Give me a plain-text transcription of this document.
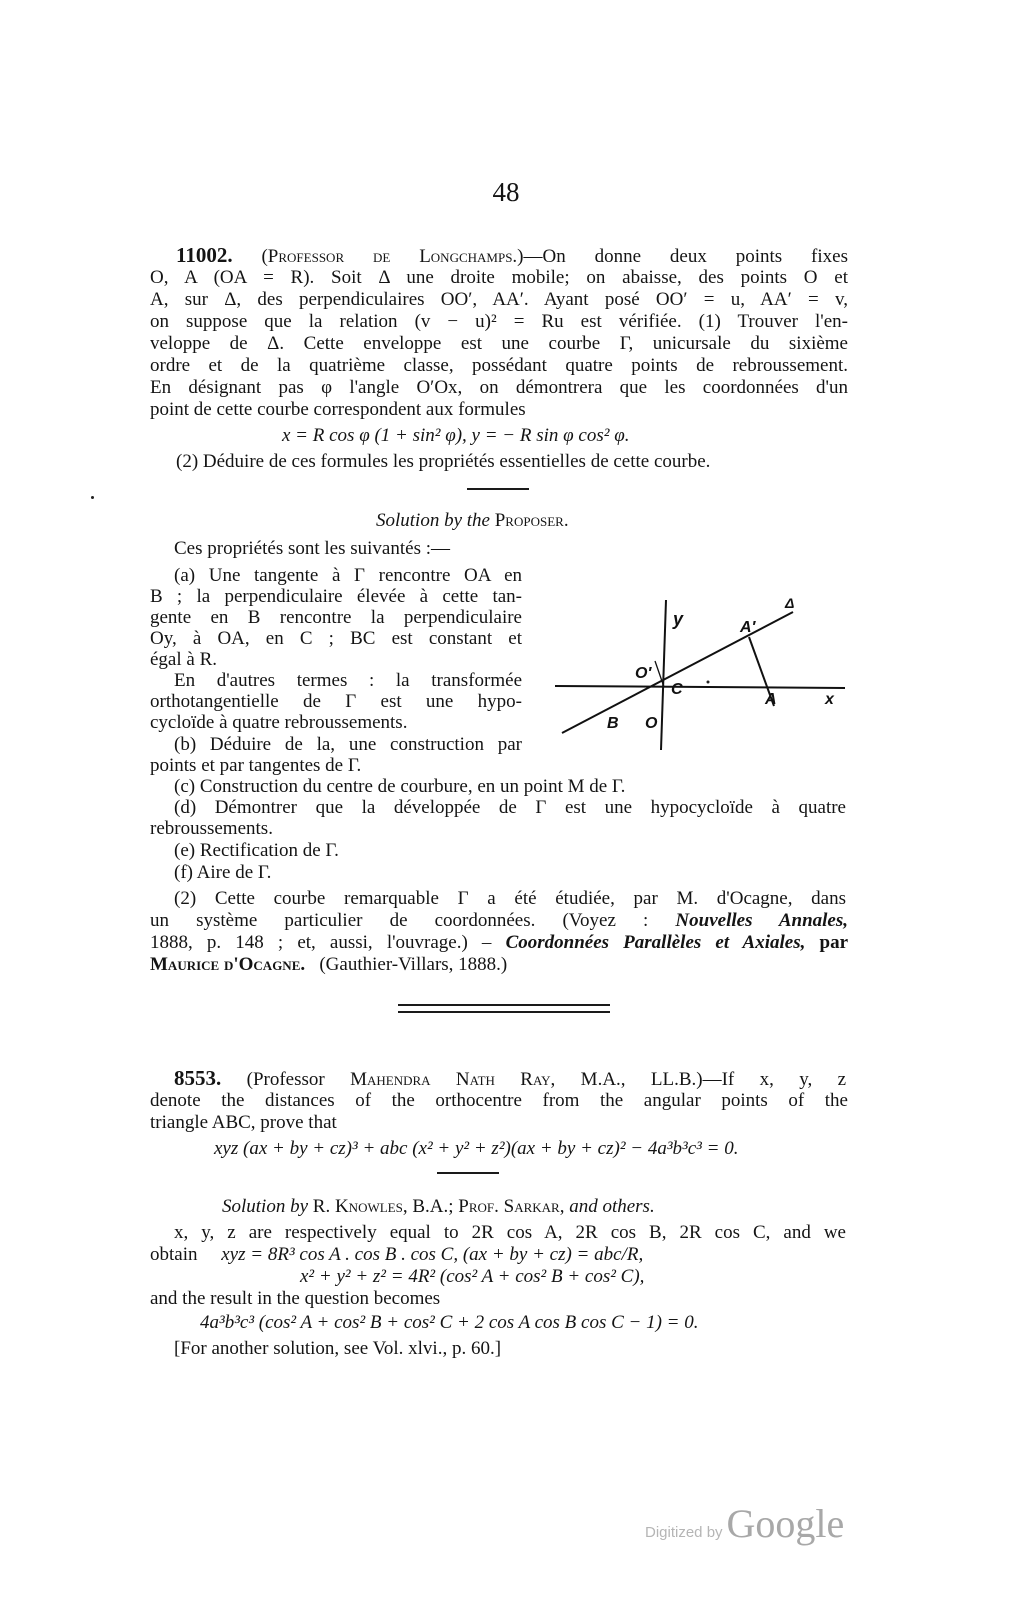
48
11002. (Professor de Longchamps.)—On donne deux points fixes
O, A (OA = R). Soit Δ une droite mobile; on abaisse, des points O et
A, sur Δ, des perpendiculaires OO′, AA′. Ayant posé OO′ = u, AA′ = v,
on suppose que la relation (v − u)² = Ru est vérifiée. (1) Trouver l'en-
veloppe de Δ. Cette enveloppe est une courbe Γ, unicursale du sixième
ordre et de la quatrième classe, possédant quatre points de rebroussement.
En désignant pas φ l'angle O′Ox, on démontrera que les coordonnées d'un
point de cette courbe correspondent aux formules
x = R cos φ (1 + sin² φ), y = − R sin φ cos² φ.
(2) Déduire de ces formules les propriétés essentielles de cette courbe.
Solution by the Proposer.
Ces propriétés sont les suivantés :—
(a) Une tangente à Γ rencontre OA en
B ; la perpendiculaire élevée à cette tan-
gente en B rencontre la perpendiculaire
Oy, à OA, en C ; BC est constant et
égal à R.
En d'autres termes : la transformée
orthotangentielle de Γ est une hypo-
cycloïde à quatre rebroussements.
(b) Déduire de la, une construction par
points et par tangentes de Γ.
(c) Construction du centre de courbure, en un point M de Γ.
(d) Démontrer que la développée de Γ est une hypocycloïde à quatre
rebroussements.
(e) Rectification de Γ.
(f) Aire de Γ.
(2) Cette courbe remarquable Γ a été étudiée, par M. d'Ocagne, dans
un système particulier de coordonnées. (Voyez : Nouvelles Annales,
1888, p. 148 ; et, aussi, l'ouvrage.) – Coordonnées Parallèles et Axiales, par
Maurice d'Ocagne. (Gauthier-Villars, 1888.)
y
Δ
A′
O′
C
A	x
B O
8553. (Professor Mahendra Nath Ray, M.A., LL.B.)—If x, y, z
denote the distances of the orthocentre from the angular points of the
triangle ABC, prove that
xyz (ax + by + cz)³ + abc (x² + y² + z²)(ax + by + cz)² − 4a³b³c³ = 0.
Solution by R. Knowles, B.A.; Prof. Sarkar, and others.
x, y, z are respectively equal to 2R cos A, 2R cos B, 2R cos C, and we
obtain xyz = 8R³ cos A . cos B . cos C, (ax + by + cz) = abc/R,
x² + y² + z² = 4R² (cos² A + cos² B + cos² C),
and the result in the question becomes
4a³b³c³ (cos² A + cos² B + cos² C + 2 cos A cos B cos C − 1) = 0.
[For another solution, see Vol. xlvi., p. 60.]
Digitized by Google
